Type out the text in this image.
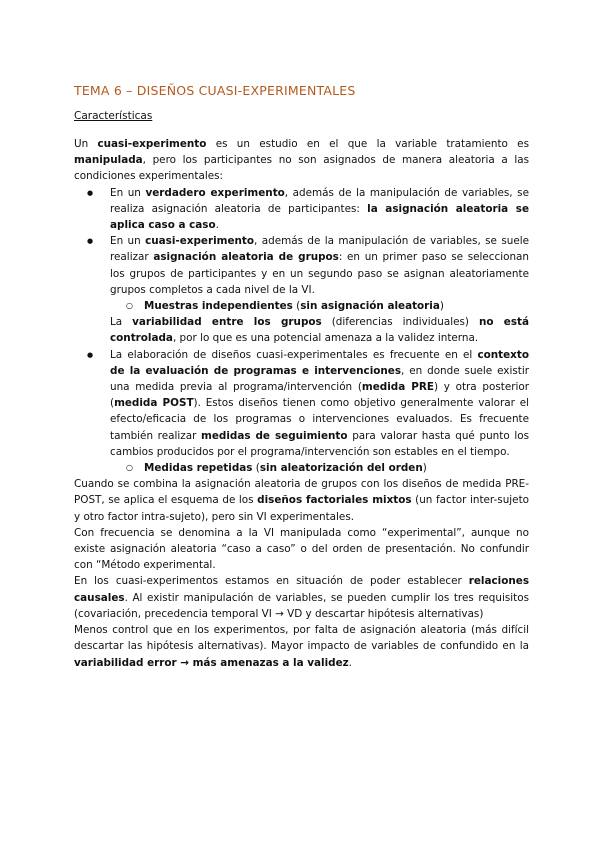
TEMA 6 – DISEÑOS CUASI-EXPERIMENTALES
Características

Un cuasi-experimento es un estudio en el que la variable tratamiento es manipulada, pero los participantes no son asignados de manera aleatoria a las condiciones experimentales:

● En un verdadero experimento, además de la manipulación de variables, se realiza asignación aleatoria de participantes: la asignación aleatoria se aplica caso a caso.
● En un cuasi-experimento, además de la manipulación de variables, se suele realizar asignación aleatoria de grupos: en un primer paso se seleccionan los grupos de participantes y en un segundo paso se asignan aleatoriamente grupos completos a cada nivel de la VI.
○ Muestras independientes (sin asignación aleatoria)

La variabilidad entre los grupos (diferencias individuales) no está controlada, por lo que es una potencial amenaza a la validez interna.

● La elaboración de diseños cuasi-experimentales es frecuente en el contexto de la evaluación de programas e intervenciones, en donde suele existir una medida previa al programa/intervención (medida PRE) y otra posterior (medida POST). Estos diseños tienen como objetivo generalmente valorar el efecto/eficacia de los programas o intervenciones evaluados. Es frecuente también realizar medidas de seguimiento para valorar hasta qué punto los cambios producidos por el programa/intervención son estables en el tiempo.
○ Medidas repetidas (sin aleatorización del orden)

Cuando se combina la asignación aleatoria de grupos con los diseños de medida PRE-POST, se aplica el esquema de los diseños factoriales mixtos (un factor inter-sujeto y otro factor intra-sujeto), pero sin VI experimentales.

Con frecuencia se denomina a la VI manipulada como “experimental”, aunque no existe asignación aleatoria “caso a caso” o del orden de presentación. No confundir con “Método experimental.

En los cuasi-experimentos estamos en situación de poder establecer relaciones causales. Al existir manipulación de variables, se pueden cumplir los tres requisitos (covariación, precedencia temporal VI → VD y descartar hipótesis alternativas)

Menos control que en los experimentos, por falta de asignación aleatoria (más difícil descartar las hipótesis alternativas). Mayor impacto de variables de confundido en la variabilidad error → más amenazas a la validez.
